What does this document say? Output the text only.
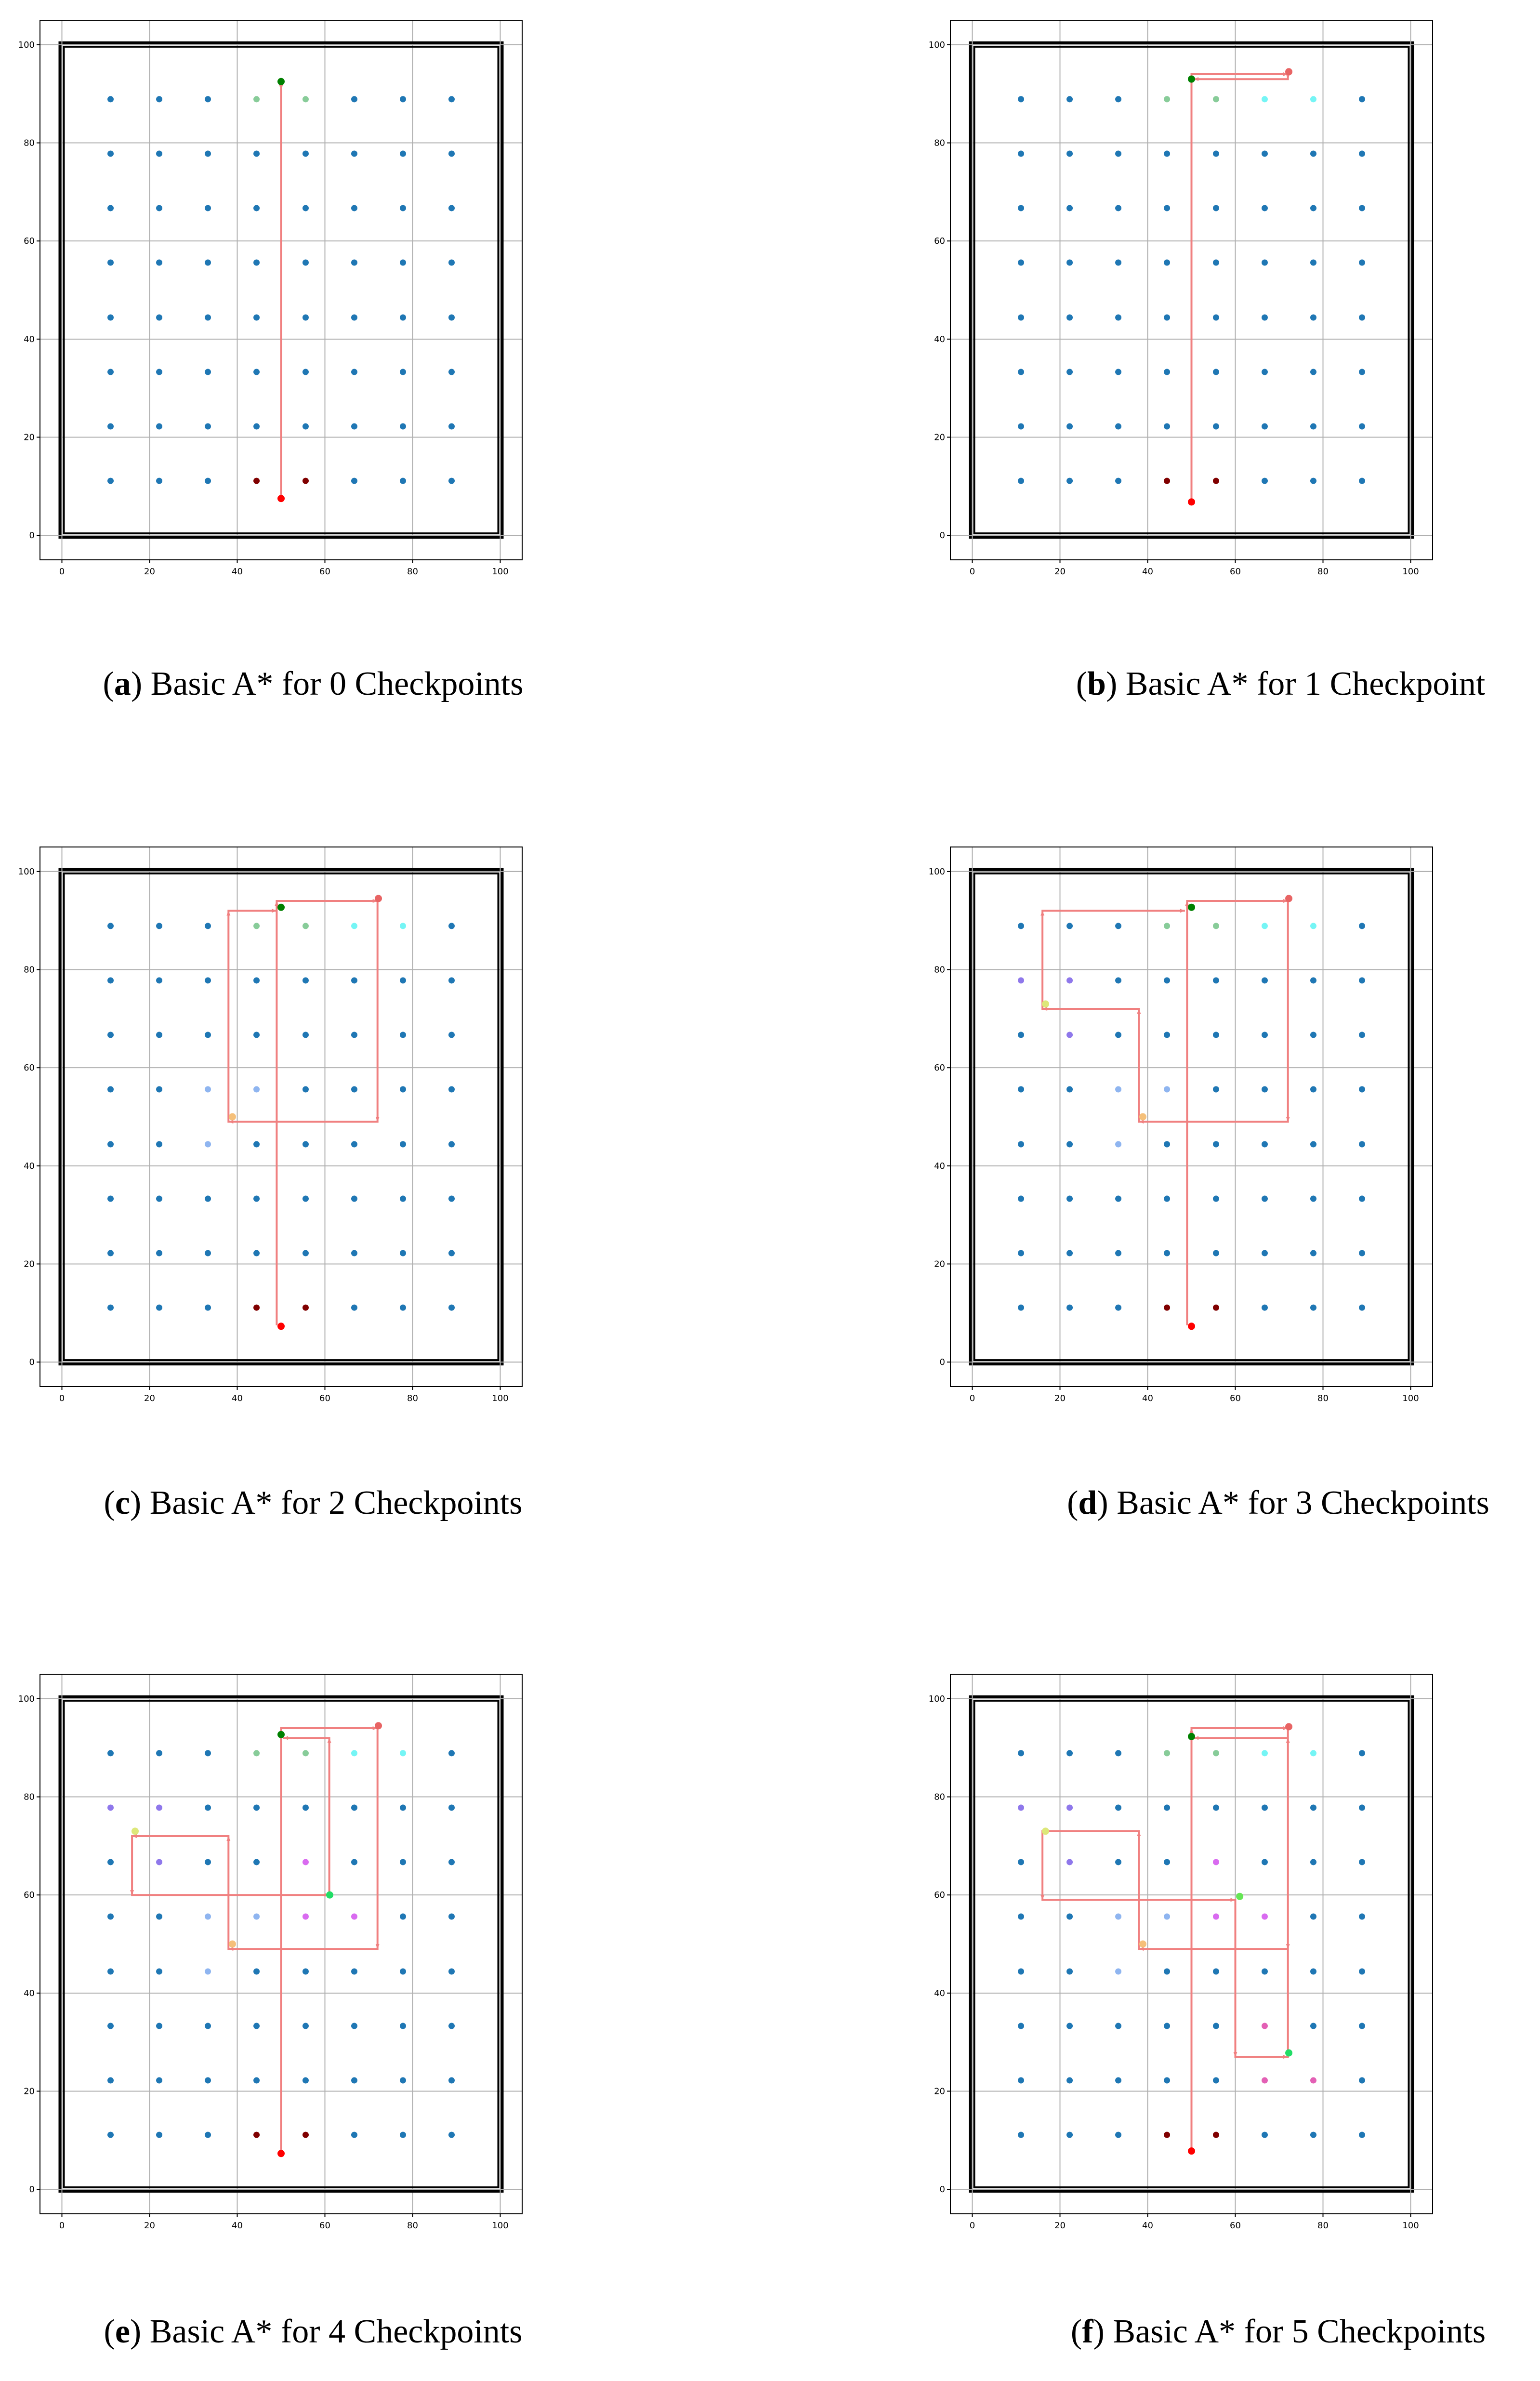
0	20	40	60	80	100
0
20
40
60
80
100
(a) Basic A* for 0 Checkpoints
0	20	40	60	80	100
0
20
40
60
80
100
(b) Basic A* for 1 Checkpoint
0	20	40	60	80	100
0
20
40
60
80
100
(c) Basic A* for 2 Checkpoints
0	20	40	60	80	100
0
20
40
60
80
100
(d) Basic A* for 3 Checkpoints
0	20	40	60	80	100
0
20
40
60
80
100
(e) Basic A* for 4 Checkpoints
0	20	40	60	80	100
0
20
40
60
80
100
(f) Basic A* for 5 Checkpoints
